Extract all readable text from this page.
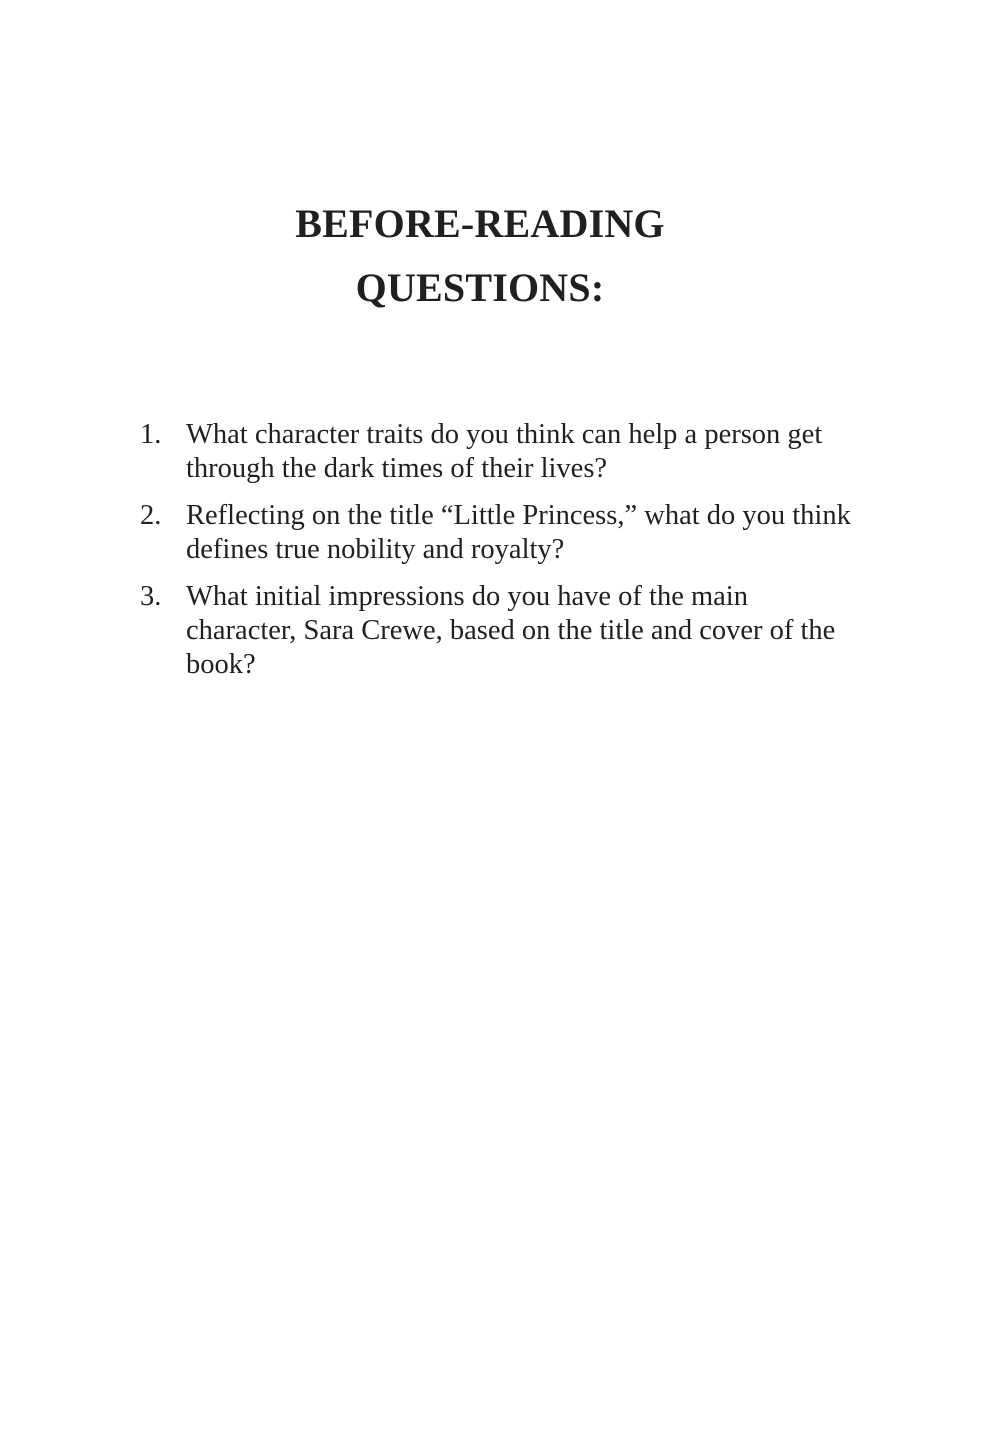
BEFORE-READING
QUESTIONS:
1. What character traits do you think can help a person get through the dark times of their lives?
2. Reflecting on the title “Little Princess,” what do you think defines true nobility and royalty?
3. What initial impressions do you have of the main character, Sara Crewe, based on the title and cover of the book?
